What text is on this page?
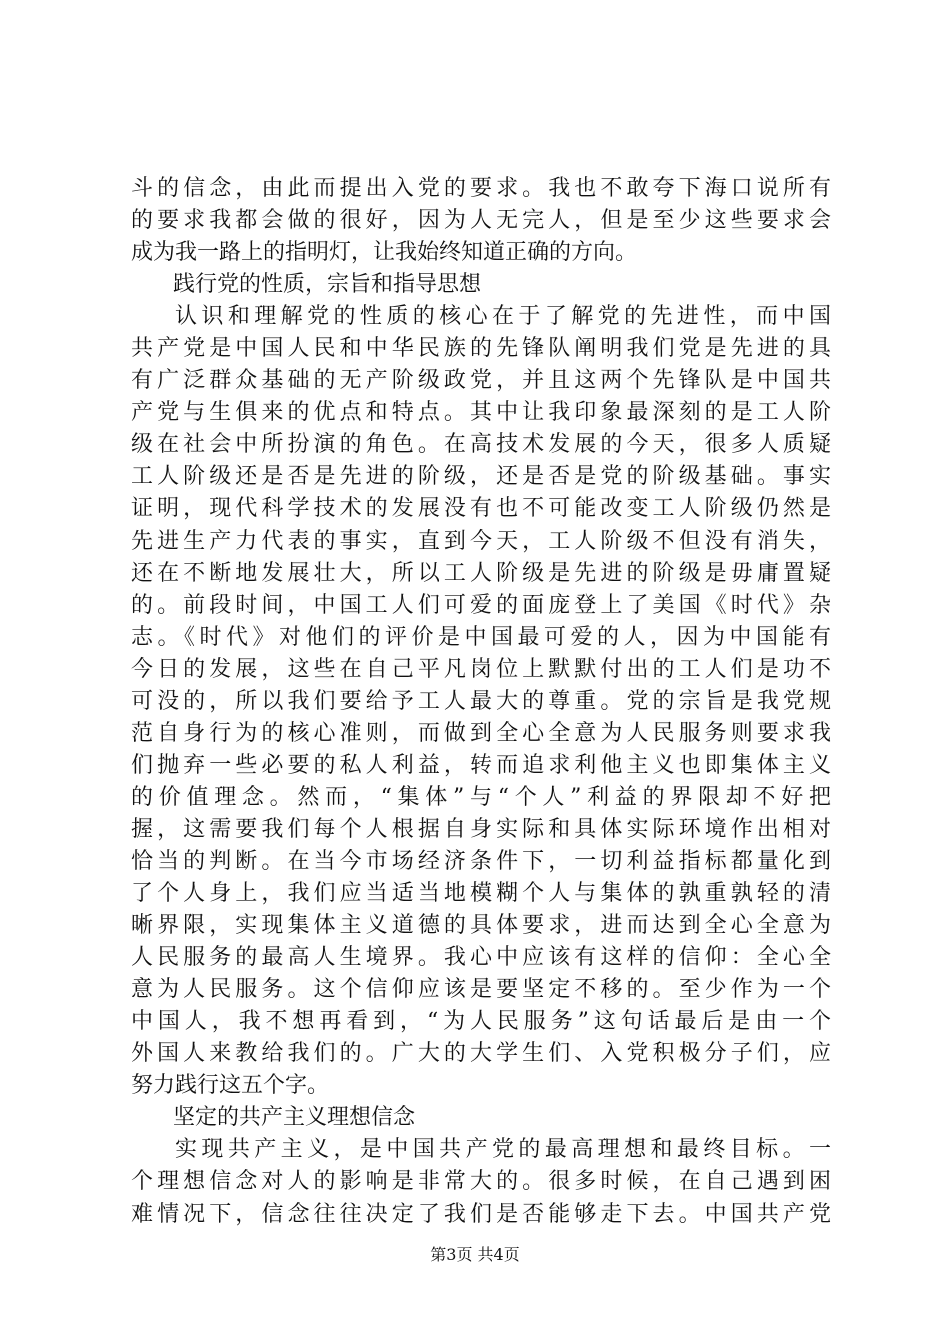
斗的信念，由此而提出入党的要求。我也不敢夸下海口说所有
的要求我都会做的很好，因为人无完人，但是至少这些要求会
成为我一路上的指明灯，让我始终知道正确的方向。
践行党的性质，宗旨和指导思想
认识和理解党的性质的核心在于了解党的先进性，而中国
共产党是中国人民和中华民族的先锋队阐明我们党是先进的具
有广泛群众基础的无产阶级政党，并且这两个先锋队是中国共
产党与生俱来的优点和特点。其中让我印象最深刻的是工人阶
级在社会中所扮演的角色。在高技术发展的今天，很多人质疑
工人阶级还是否是先进的阶级，还是否是党的阶级基础。事实
证明，现代科学技术的发展没有也不可能改变工人阶级仍然是
先进生产力代表的事实，直到今天，工人阶级不但没有消失，
还在不断地发展壮大，所以工人阶级是先进的阶级是毋庸置疑
的。前段时间，中国工人们可爱的面庞登上了美国《时代》杂
志。《时代》对他们的评价是中国最可爱的人，因为中国能有
今日的发展，这些在自己平凡岗位上默默付出的工人们是功不
可没的，所以我们要给予工人最大的尊重。党的宗旨是我党规
范自身行为的核心准则，而做到全心全意为人民服务则要求我
们抛弃一些必要的私人利益，转而追求利他主义也即集体主义
的价值理念。然而，“集体”与“个人”利益的界限却不好把
握，这需要我们每个人根据自身实际和具体实际环境作出相对
恰当的判断。在当今市场经济条件下，一切利益指标都量化到
了个人身上，我们应当适当地模糊个人与集体的孰重孰轻的清
晰界限，实现集体主义道德的具体要求，进而达到全心全意为
人民服务的最高人生境界。我心中应该有这样的信仰：全心全
意为人民服务。这个信仰应该是要坚定不移的。至少作为一个
中国人，我不想再看到，“为人民服务”这句话最后是由一个
外国人来教给我们的。广大的大学生们、入党积极分子们，应
努力践行这五个字。
坚定的共产主义理想信念
实现共产主义，是中国共产党的最高理想和最终目标。一
个理想信念对人的影响是非常大的。很多时候，在自己遇到困
难情况下，信念往往决定了我们是否能够走下去。中国共产党
第3页 共4页
